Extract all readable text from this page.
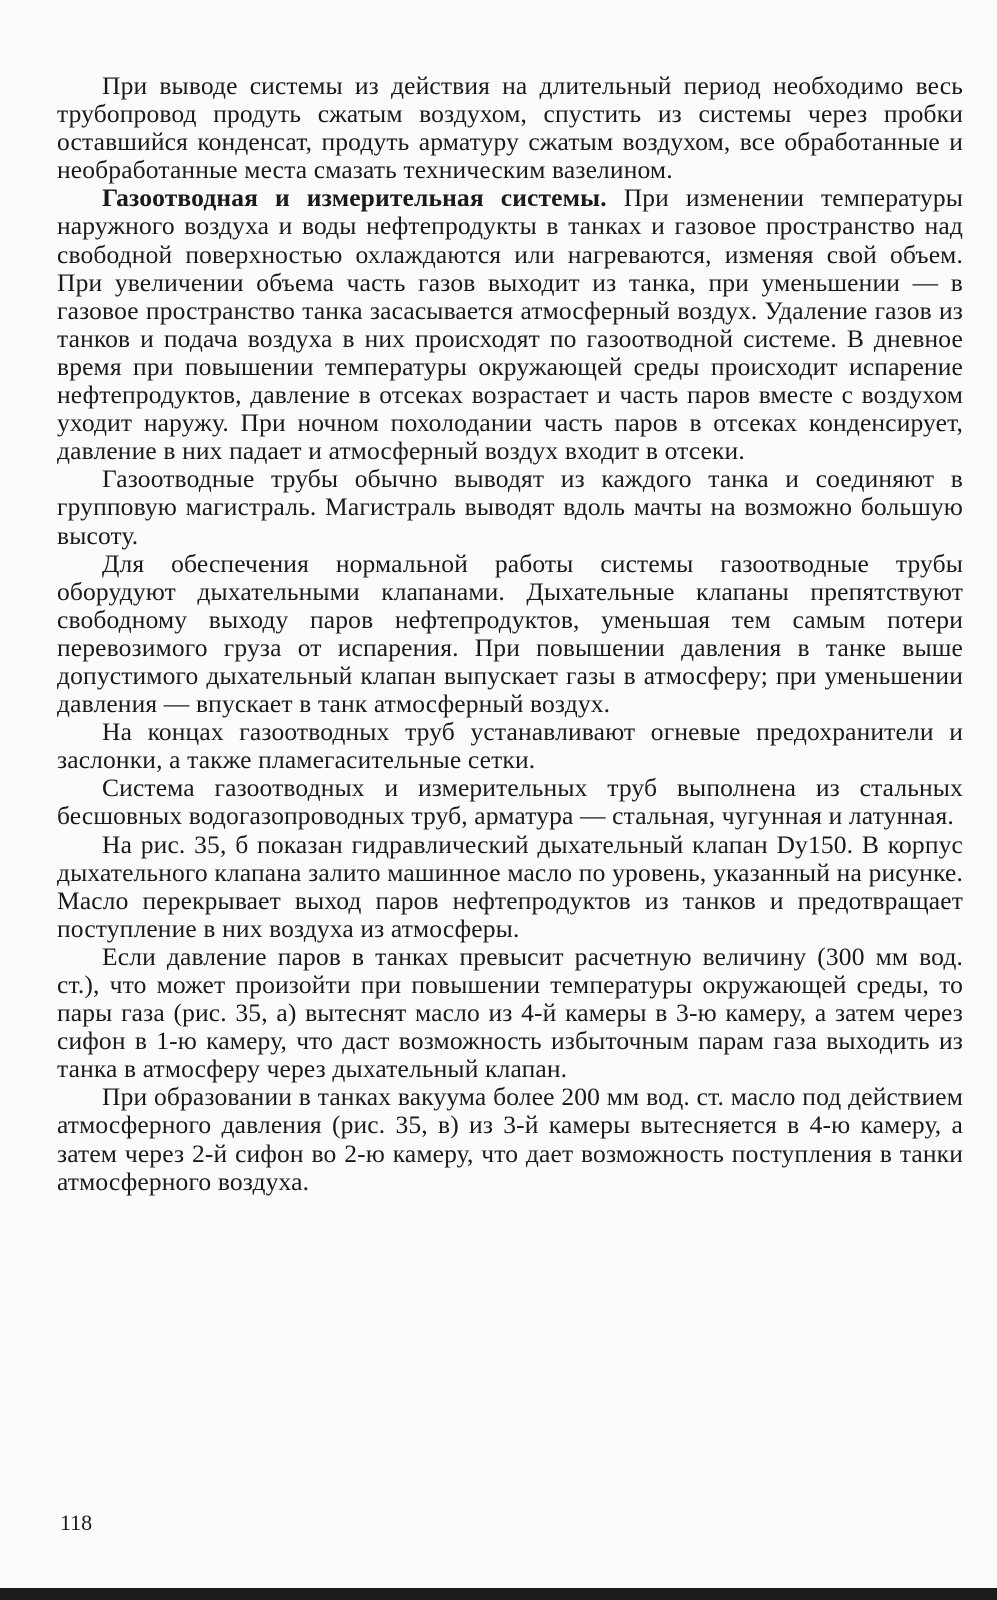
При выводе системы из действия на длительный период необходимо весь трубопровод продуть сжатым воздухом, спустить из системы через пробки оставшийся конденсат, продуть арматуру сжатым воздухом, все обработанные и необработанные места смазать техническим вазелином.

Газоотводная и измерительная системы. При изменении температуры наружного воздуха и воды нефтепродукты в танках и газовое пространство над свободной поверхностью охлаждаются или нагреваются, изменяя свой объем. При увеличении объема часть газов выходит из танка, при уменьшении — в газовое пространство танка засасывается атмосферный воздух. Удаление газов из танков и подача воздуха в них происходят по газоотводной системе. В дневное время при повышении температуры окружающей среды происходит испарение нефтепродуктов, давление в отсеках возрастает и часть паров вместе с воздухом уходит наружу. При ночном похолодании часть паров в отсеках конденсирует, давление в них падает и атмосферный воздух входит в отсеки.

Газоотводные трубы обычно выводят из каждого танка и соединяют в групповую магистраль. Магистраль выводят вдоль мачты на возможно большую высоту.

Для обеспечения нормальной работы системы газоотводные трубы оборудуют дыхательными клапанами. Дыхательные клапаны препятствуют свободному выходу паров нефтепродуктов, уменьшая тем самым потери перевозимого груза от испарения. При повышении давления в танке выше допустимого дыхательный клапан выпускает газы в атмосферу; при уменьшении давления — впускает в танк атмосферный воздух.

На концах газоотводных труб устанавливают огневые предохранители и заслонки, а также пламегасительные сетки.

Система газоотводных и измерительных труб выполнена из стальных бесшовных водогазопроводных труб, арматура — стальная, чугунная и латунная.

На рис. 35, б показан гидравлический дыхательный клапан Dу150. В корпус дыхательного клапана залито машинное масло по уровень, указанный на рисунке. Масло перекрывает выход паров нефтепродуктов из танков и предотвращает поступление в них воздуха из атмосферы.

Если давление паров в танках превысит расчетную величину (300 мм вод. ст.), что может произойти при повышении температуры окружающей среды, то пары газа (рис. 35, а) вытеснят масло из 4-й камеры в 3-ю камеру, а затем через сифон в 1-ю камеру, что даст возможность избыточным парам газа выходить из танка в атмосферу через дыхательный клапан.

При образовании в танках вакуума более 200 мм вод. ст. масло под действием атмосферного давления (рис. 35, в) из 3-й камеры вытесняется в 4-ю камеру, а затем через 2-й сифон во 2-ю камеру, что дает возможность поступления в танки атмосферного воздуха.

118
